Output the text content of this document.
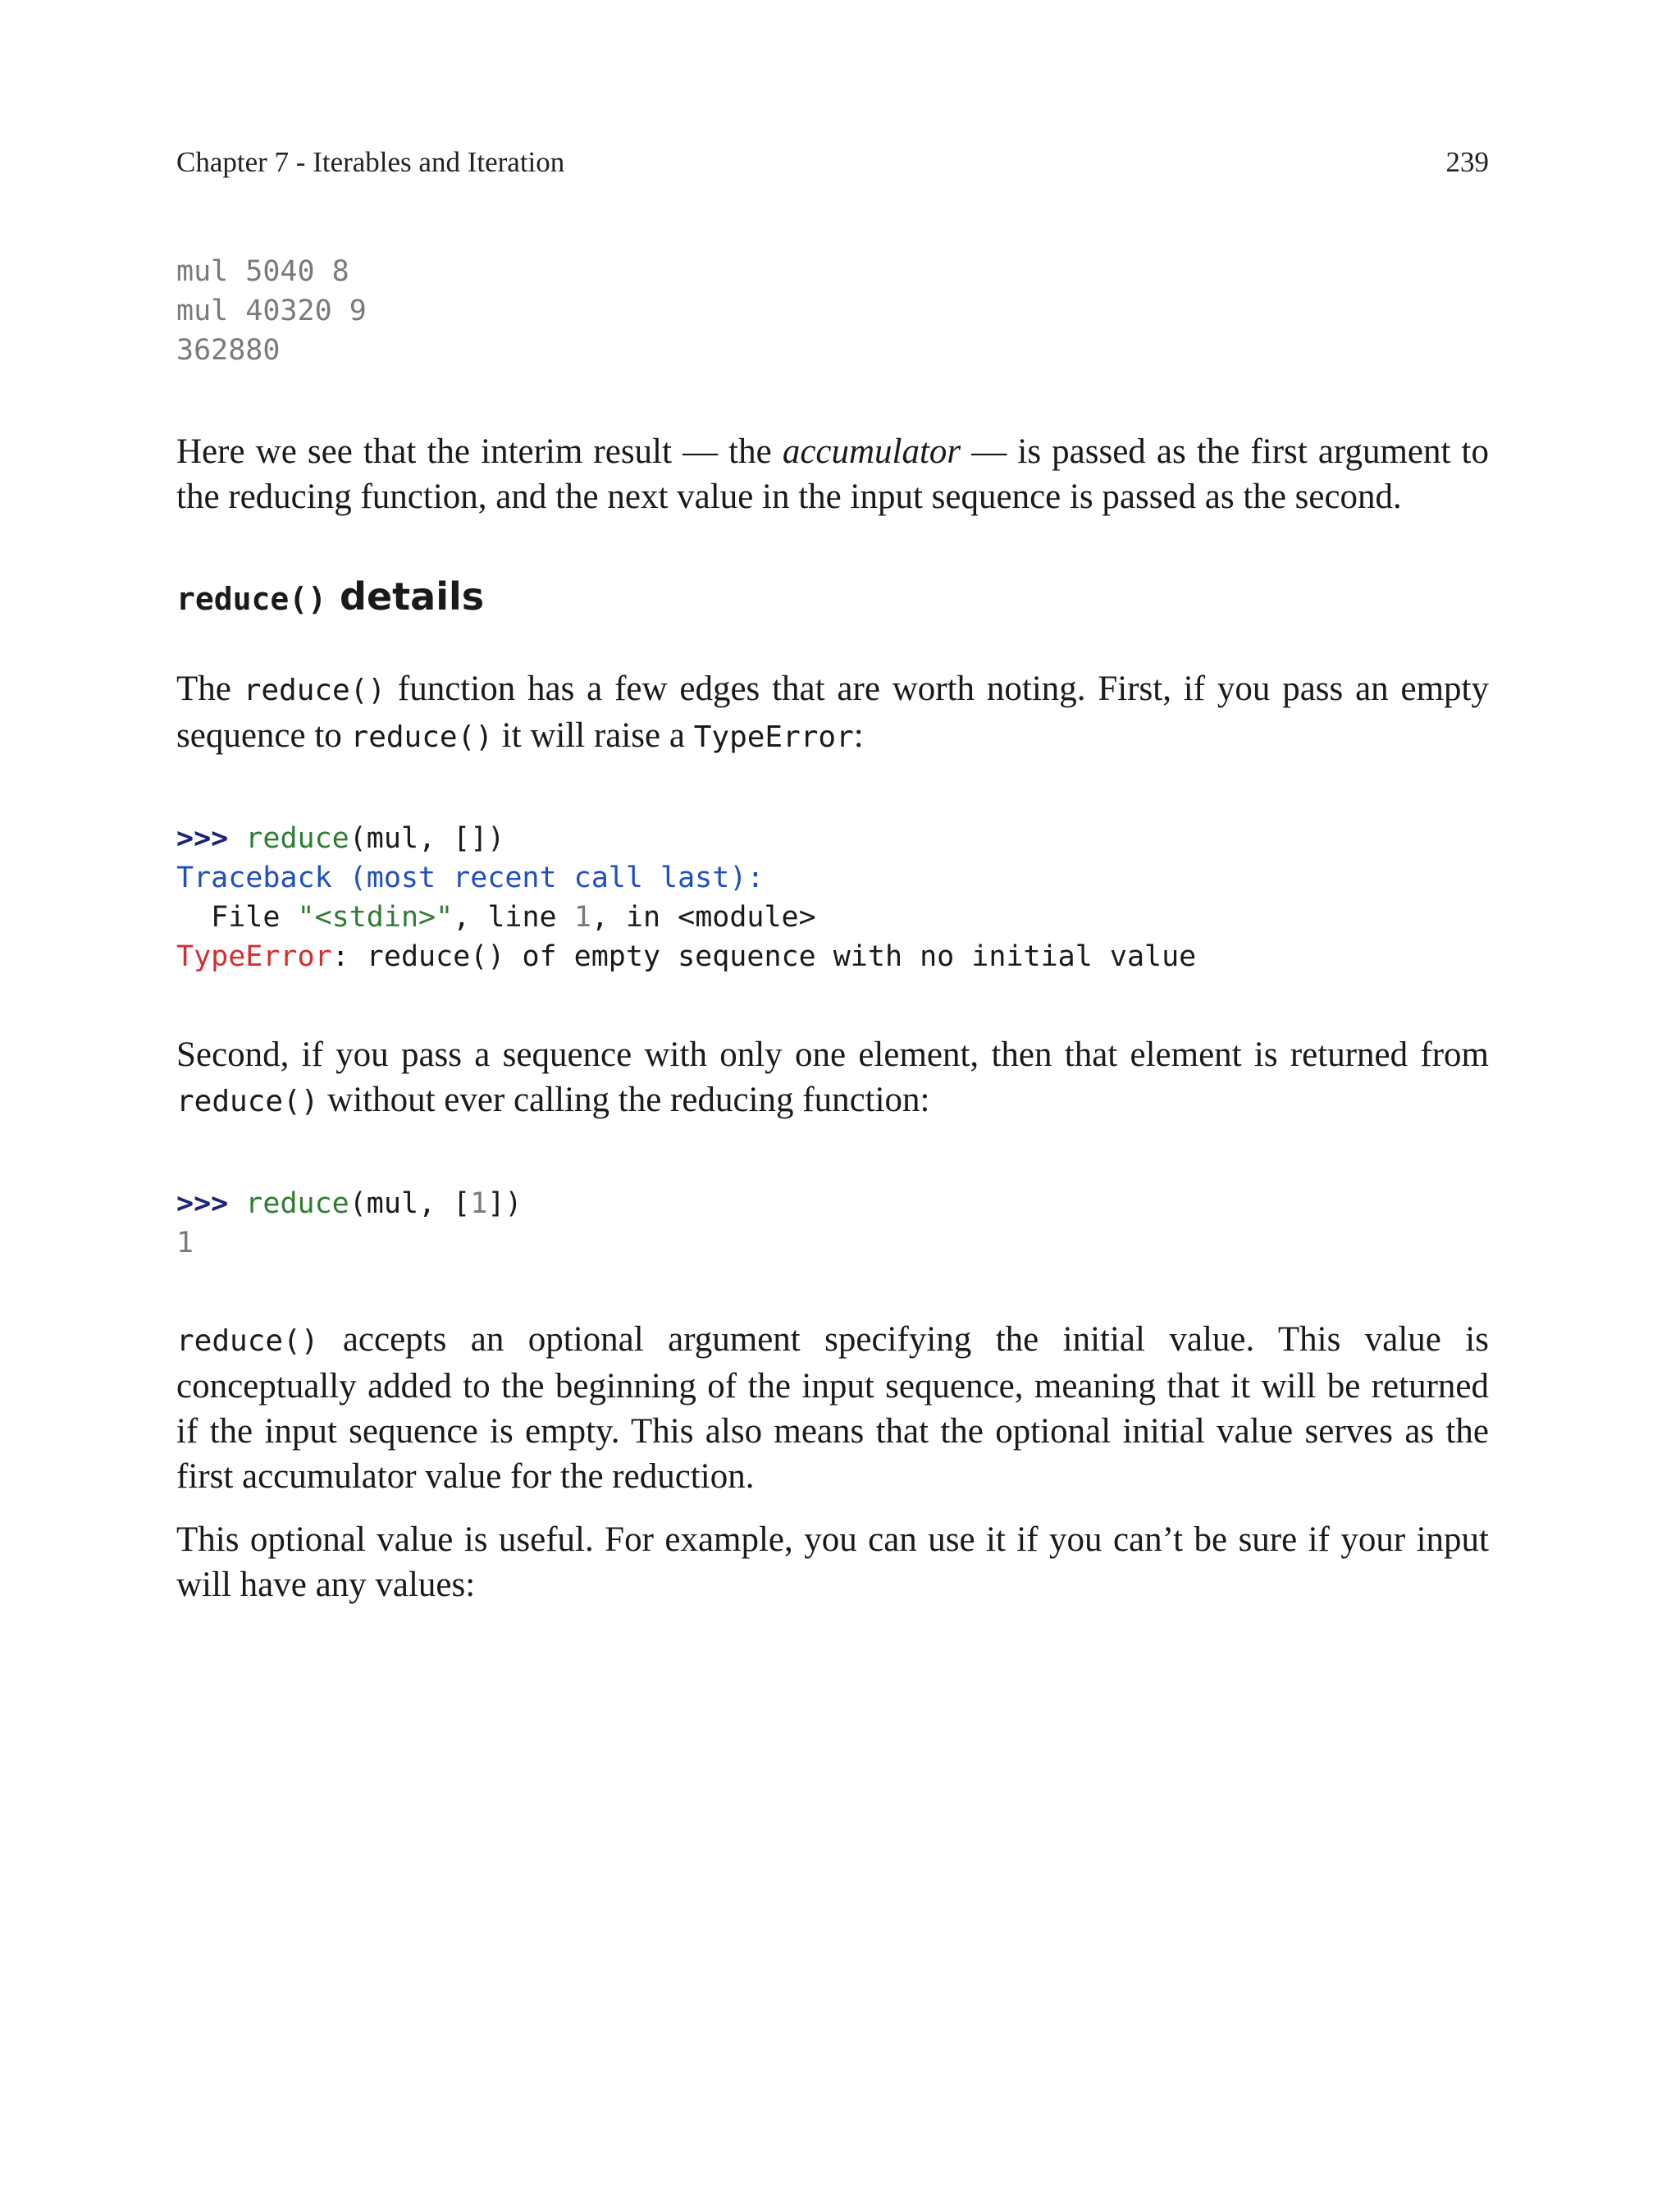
Chapter 7 - Iterables and Iteration	239
mul 5040 8
mul 40320 9
362880

Here we see that the interim result — the accumulator — is passed as the first argument to the reducing function, and the next value in the input sequence is passed as the second.

reduce() details

The reduce() function has a few edges that are worth noting. First, if you pass an empty sequence to reduce() it will raise a TypeError:

>>> reduce(mul, [])
Traceback (most recent call last):
File "<stdin>", line 1, in <module>
TypeError: reduce() of empty sequence with no initial value

Second, if you pass a sequence with only one element, then that element is returned from reduce() without ever calling the reducing function:

>>> reduce(mul, [1])
1

reduce() accepts an optional argument specifying the initial value. This value is conceptually added to the beginning of the input sequence, meaning that it will be returned if the input sequence is empty. This also means that the optional initial value serves as the first accumulator value for the reduction.

This optional value is useful. For example, you can use it if you can’t be sure if your input will have any values:
